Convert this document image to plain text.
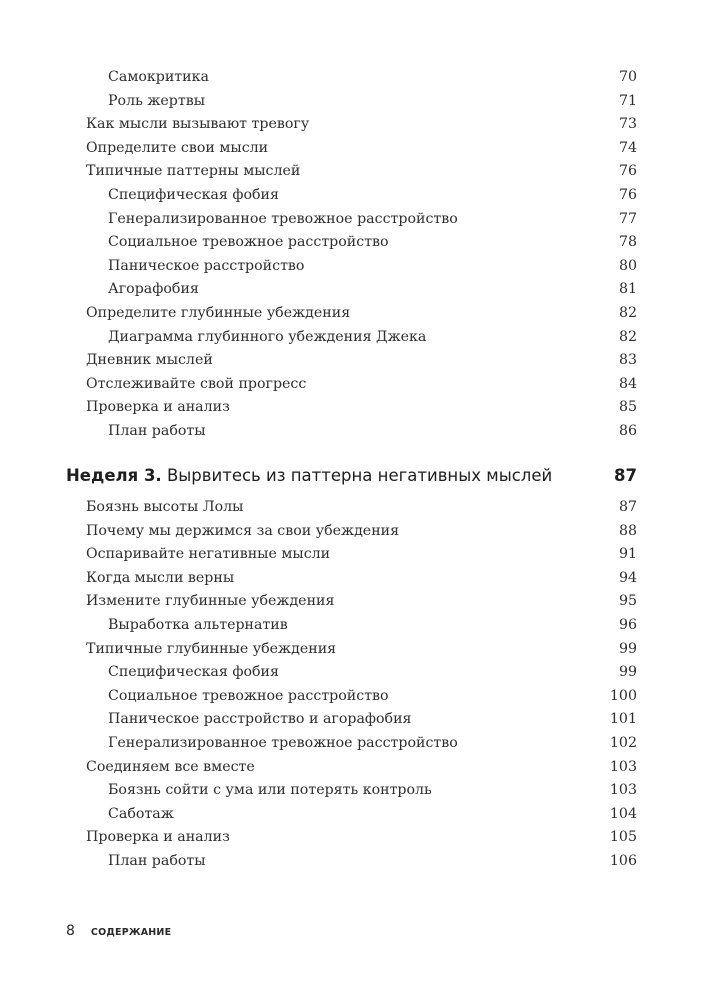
Самокритика	70
Роль жертвы	71
Как мысли вызывают тревогу	73
Определите свои мысли	74
Типичные паттерны мыслей	76
Специфическая фобия	76
Генерализированное тревожное расстройство	77
Социальное тревожное расстройство	78
Паническое расстройство	80
Агорафобия	81
Определите глубинные убеждения	82
Диаграмма глубинного убеждения Джека	82
Дневник мыслей	83
Отслеживайте свой прогресс	84
Проверка и анализ	85
План работы	86
Неделя 3. Вырвитесь из паттерна негативных мыслей	87
Боязнь высоты Лолы	87
Почему мы держимся за свои убеждения	88
Оспаривайте негативные мысли	91
Когда мысли верны	94
Измените глубинные убеждения	95
Выработка альтернатив	96
Типичные глубинные убеждения	99
Специфическая фобия	99
Социальное тревожное расстройство	100
Паническое расстройство и агорафобия	101
Генерализированное тревожное расстройство	102
Соединяем все вместе	103
Боязнь сойти с ума или потерять контроль	103
Саботаж	104
Проверка и анализ	105
План работы	106
8 СОДЕРЖАНИЕ
